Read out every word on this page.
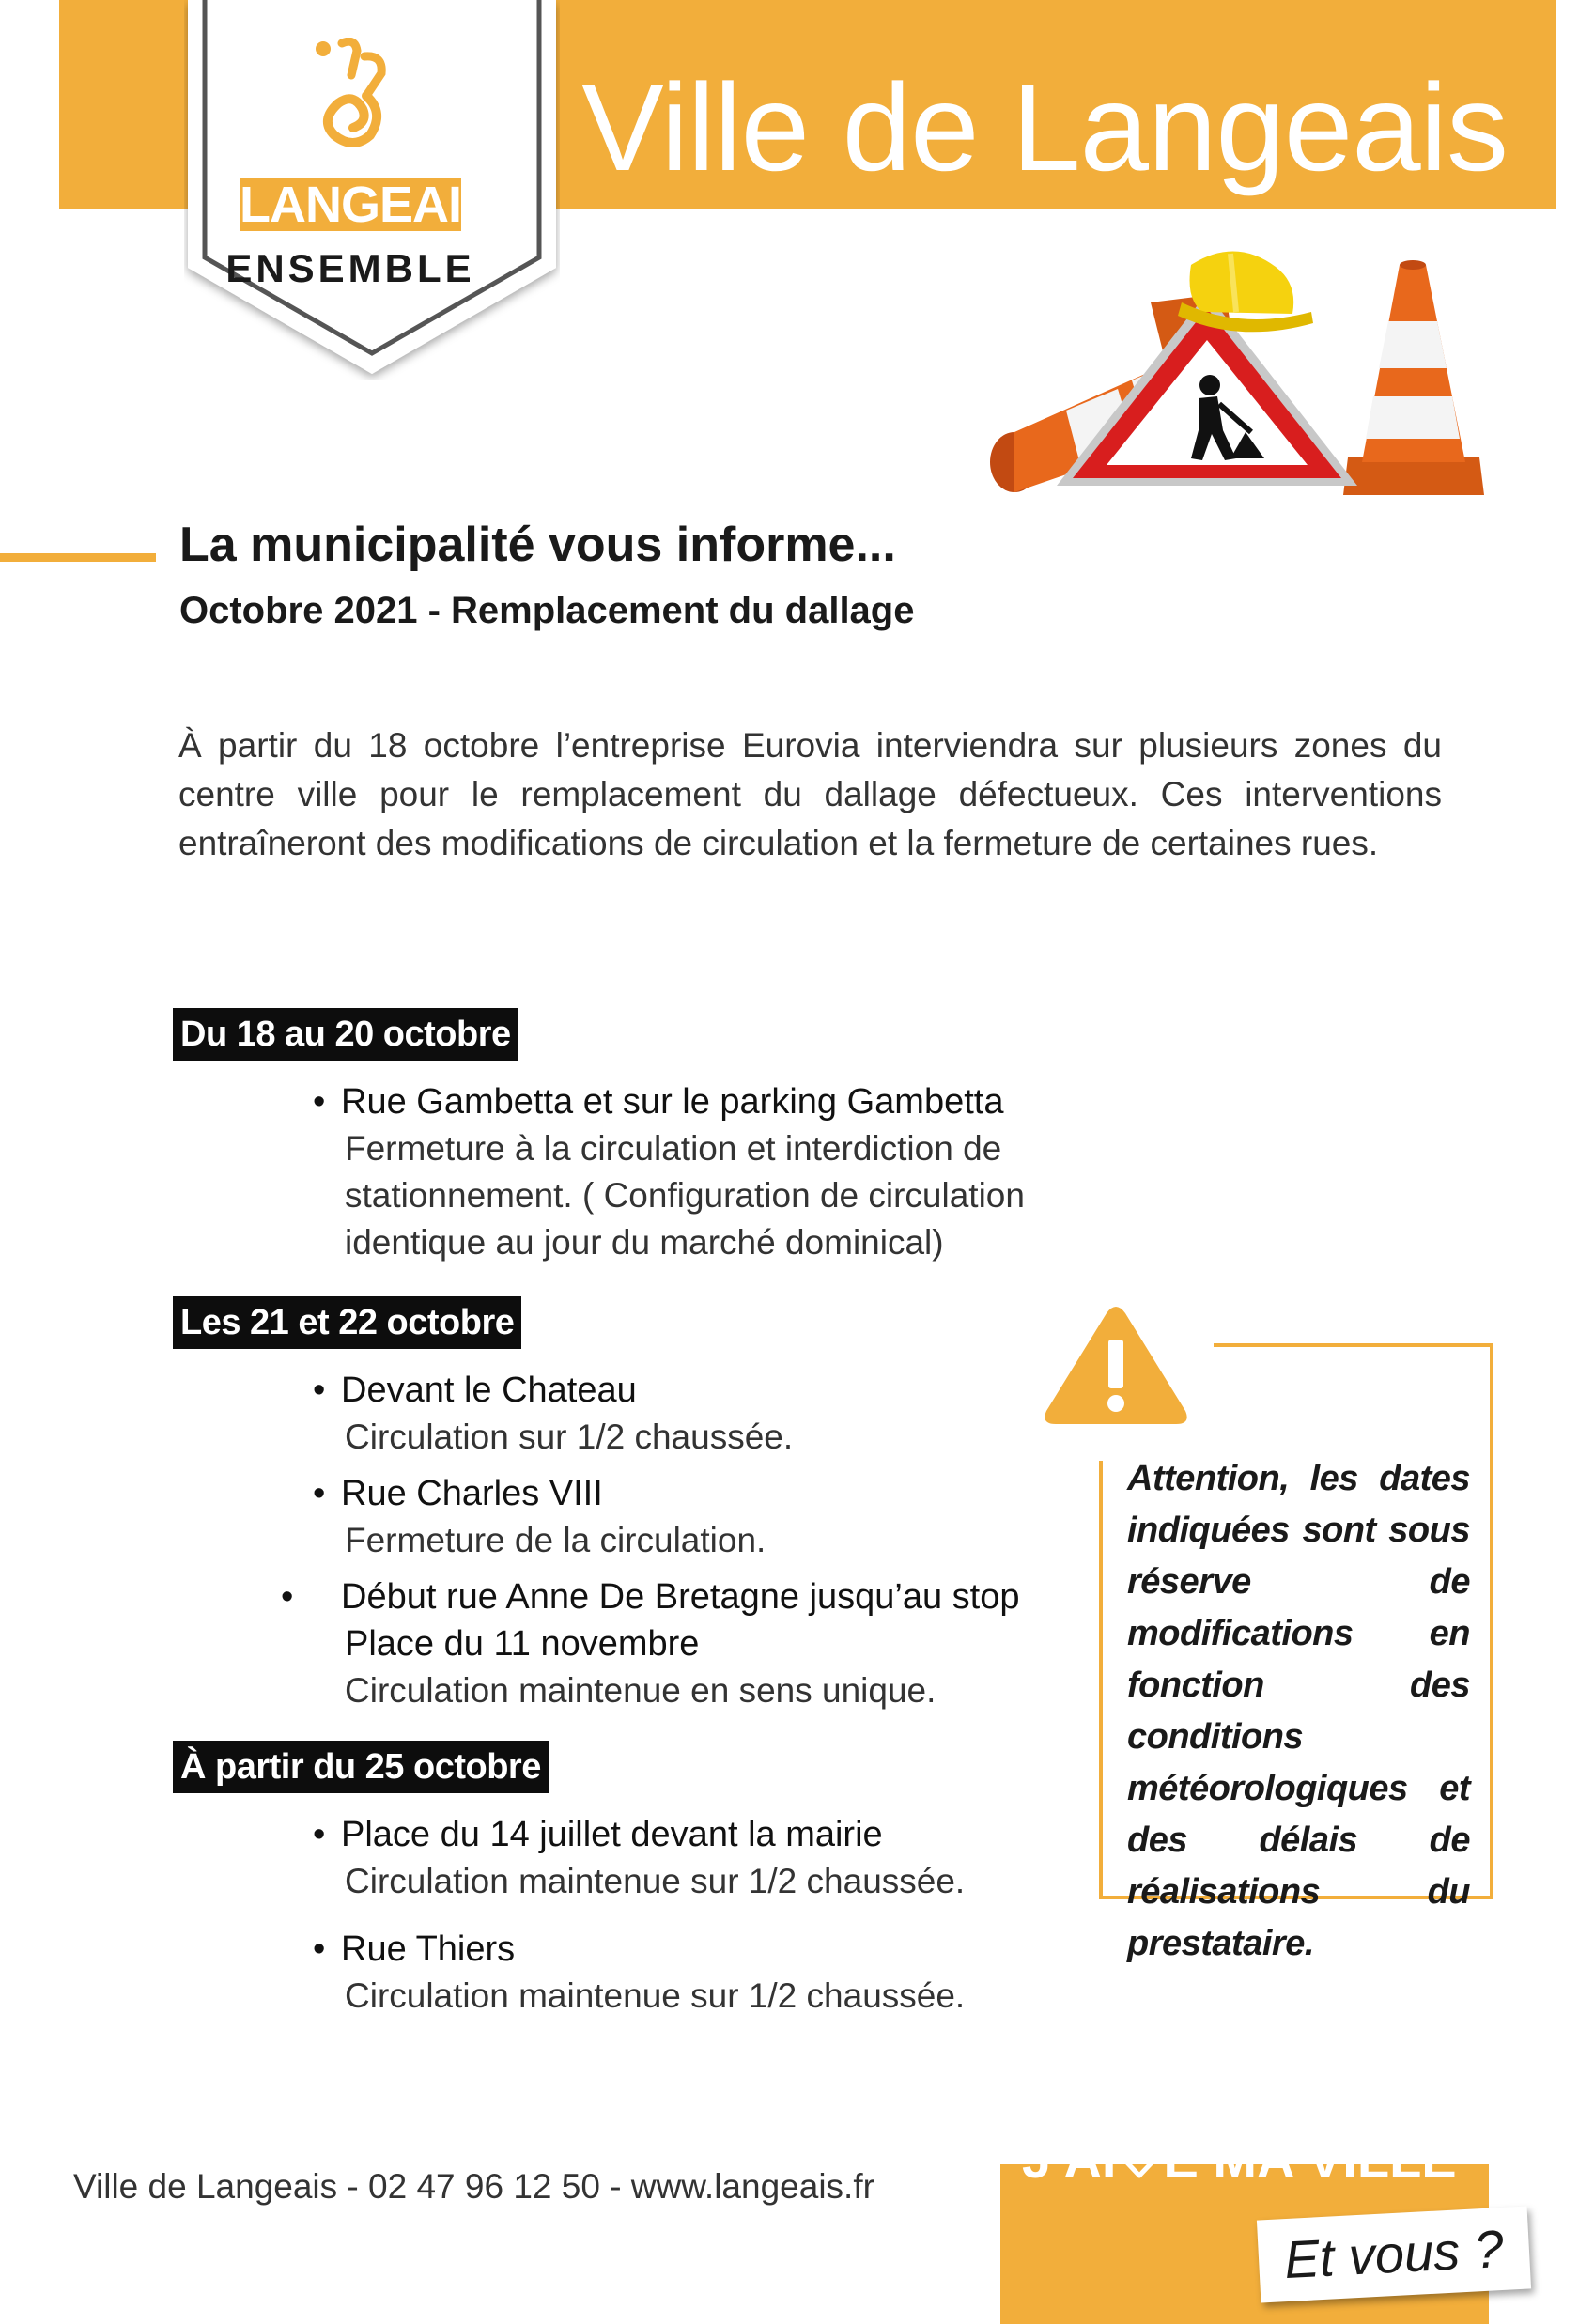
Ville de Langeais
LANGEAIS
ENSEMBLE
La municipalité vous informe...
Octobre 2021 - Remplacement du dallage
À partir du 18 octobre l’entreprise Eurovia interviendra sur plusieurs zones du centre ville pour le remplacement du dallage défectueux. Ces interventions entraîneront des modifications de circulation et la fermeture de certaines rues.
Du 18 au 20 octobre
• Rue Gambetta et sur le parking Gambetta
Fermeture à la circulation et interdiction de stationnement. ( Configuration de circulation identique au jour du marché dominical)
Les 21 et 22 octobre
• Devant le Chateau
Circulation sur 1/2 chaussée.
• Rue Charles VIII
Fermeture de la circulation.
• Début rue Anne De Bretagne jusqu’au stop Place du 11 novembre
Circulation maintenue en sens unique.
À partir du 25 octobre
• Place du 14 juillet devant la mairie
Circulation maintenue sur 1/2 chaussée.
• Rue Thiers
Circulation maintenue sur 1/2 chaussée.
Attention, les dates indiquées sont sous réserve de modifications en fonction des conditions météorologiques et des délais de réalisations du prestataire.
Ville de Langeais - 02 47 96 12 50 - www.langeais.fr	J'AI E MA VILLE
Et vous ?
